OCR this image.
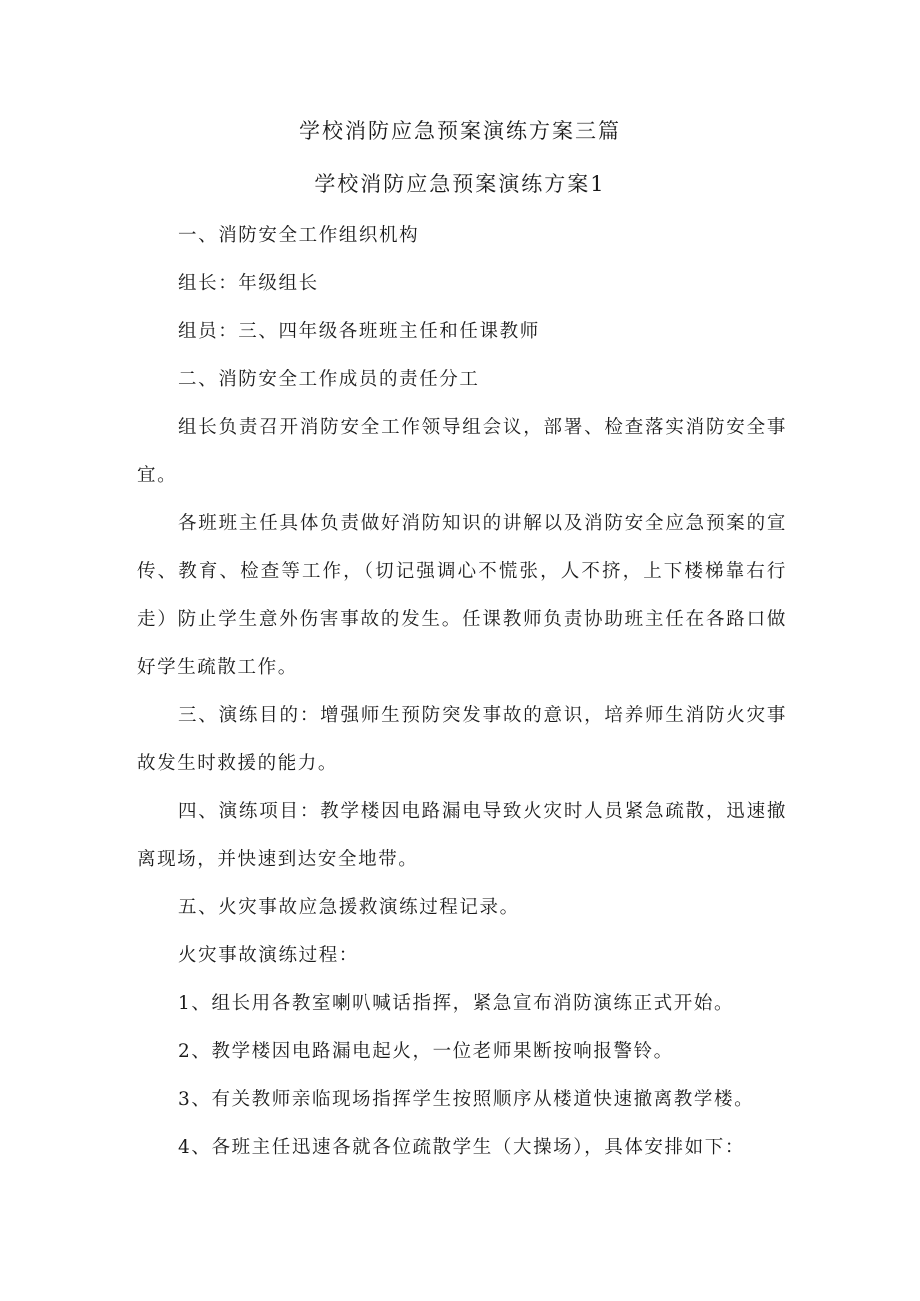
学校消防应急预案演练方案三篇
学校消防应急预案演练方案1

一、消防安全工作组织机构

组长：年级组长

组员：三、四年级各班班主任和任课教师

二、消防安全工作成员的责任分工

组长负责召开消防安全工作领导组会议，部署、检查落实消防安全事宜。

各班班主任具体负责做好消防知识的讲解以及消防安全应急预案的宣传、教育、检查等工作，（切记强调心不慌张，人不挤，上下楼梯靠右行走）防止学生意外伤害事故的发生。任课教师负责协助班主任在各路口做好学生疏散工作。

三、演练目的：增强师生预防突发事故的意识，培养师生消防火灾事故发生时救援的能力。

四、演练项目：教学楼因电路漏电导致火灾时人员紧急疏散，迅速撤离现场，并快速到达安全地带。

五、火灾事故应急援救演练过程记录。

火灾事故演练过程：

1、组长用各教室喇叭喊话指挥，紧急宣布消防演练正式开始。

2、教学楼因电路漏电起火，一位老师果断按响报警铃。

3、有关教师亲临现场指挥学生按照顺序从楼道快速撤离教学楼。

4、各班主任迅速各就各位疏散学生（大操场），具体安排如下：
